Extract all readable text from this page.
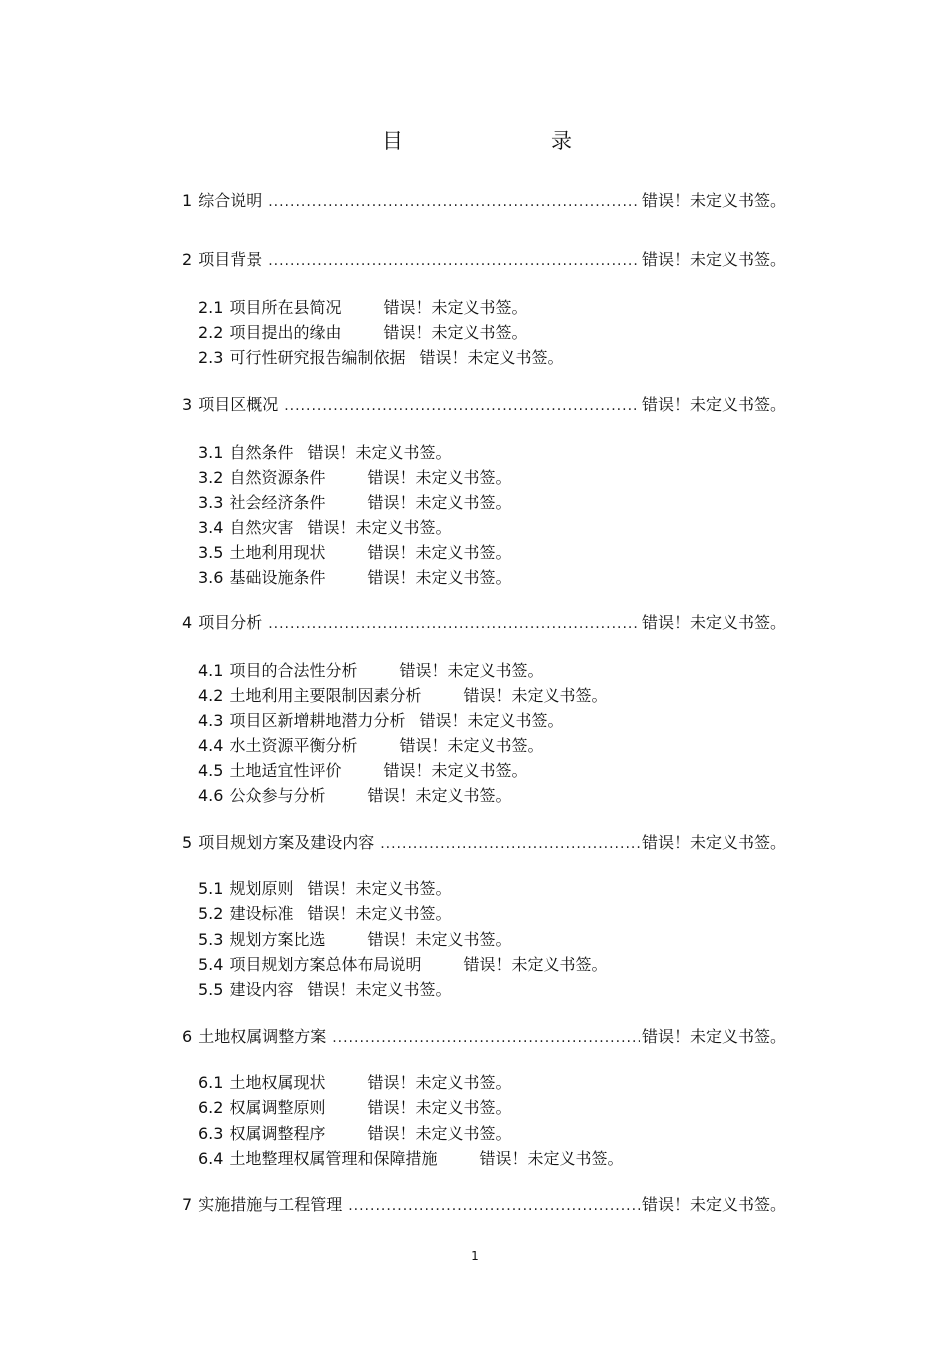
目	录
1 综合说明 .....	错误！未定义书签。
2 项目背景 .....	错误！未定义书签。
2.1 项目所在县简况	错误！未定义书签。
2.2 项目提出的缘由	错误！未定义书签。
2.3 可行性研究报告编制依据 错误！未定义书签。
3 项目区概况 .....	错误！未定义书签。
3.1 自然条件 错误！未定义书签。
3.2 自然资源条件	错误！未定义书签。
3.3 社会经济条件	错误！未定义书签。
3.4 自然灾害 错误！未定义书签。
3.5 土地利用现状	错误！未定义书签。
3.6 基础设施条件	错误！未定义书签。
4 项目分析 .....	错误！未定义书签。
4.1 项目的合法性分析	错误！未定义书签。
4.2 土地利用主要限制因素分析	错误！未定义书签。
4.3 项目区新增耕地潜力分析 错误！未定义书签。
4.4 水土资源平衡分析	错误！未定义书签。
4.5 土地适宜性评价	错误！未定义书签。
4.6 公众参与分析	错误！未定义书签。
5 项目规划方案及建设内容 .....	错误！未定义书签。
5.1 规划原则 错误！未定义书签。
5.2 建设标准 错误！未定义书签。
5.3 规划方案比选	错误！未定义书签。
5.4 项目规划方案总体布局说明	错误！未定义书签。
5.5 建设内容 错误！未定义书签。
6 土地权属调整方案 .....	错误！未定义书签。
6.1 土地权属现状	错误！未定义书签。
6.2 权属调整原则	错误！未定义书签。
6.3 权属调整程序	错误！未定义书签。
6.4 土地整理权属管理和保障措施	错误！未定义书签。
7 实施措施与工程管理 .....	错误！未定义书签。
1
